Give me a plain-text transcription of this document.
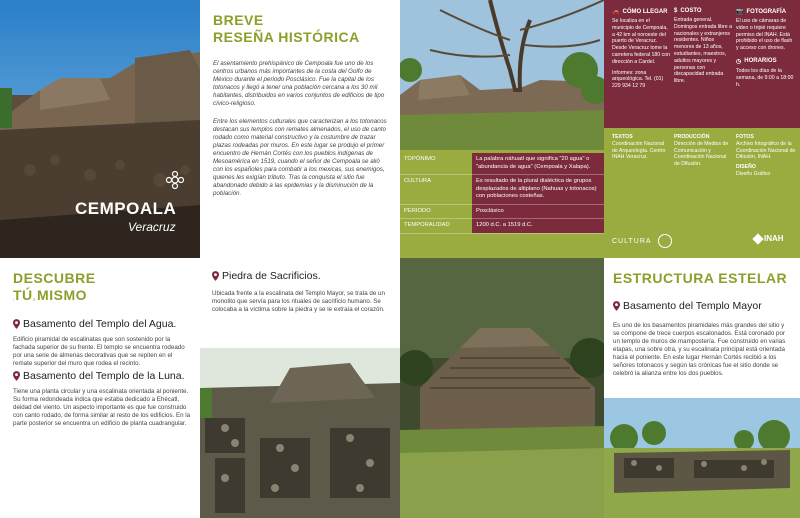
CEMPOALA
Veracruz
BREVE
RESEÑA HISTÓRICA
El asentamiento prehispánico de Cempoala fue uno de los centros urbanos más importantes de la costa del Golfo de México durante el periodo Posclásico. Fue la capital de los totonacos y llegó a tener una población cercana a los 30 mil habitantes, distribuidos en varios conjuntos de edificios de tipo cívico-religioso.
Entre los elementos culturales que caracterizan a los totonacos destacan sus templos con remates almenados, el uso de canto rodado como material constructivo y la costumbre de trazar plazas rodeadas por muros. En este lugar se produjo el primer encuentro de Hernán Cortés con los pueblos indígenas de Mesoamérica en 1519, cuando el señor de Cempoala se alió con los españoles para combatir a los mexicas, sus enemigos, quienes les exigían tributo. Tras la conquista el sitio fue abandonado debido a las epidemias y la disminución de la población.
TOPÓNIMO	La palabra náhuatl que significa "20 agua" o "abundancia de agua" (Cempoala y Xalapa).
CULTURA	Es resultado de la plural dialéctica de grupos desplazados de altiplano (Nahuas y totonacos) con poblaciones costeñas.
PERIODO	Posclásico
TEMPORALIDAD	1200 d.C. a 1519 d.C.
🚗 CÓMO LLEGAR
Se localiza en el municipio de Cempoala, a 42 km al noroeste del puerto de Veracruz. Desde Veracruz tome la carretera federal 180 con dirección a Cardel.
Informes: zona arqueológica. Tel. (01) 229 934 12 79
$ COSTO
Entrada general. Domingos entrada libre a nacionales y extranjeros residentes. Niños menores de 13 años, estudiantes, maestros, adultos mayores y personas con discapacidad entrada libre.
📷 FOTOGRAFÍA
El uso de cámaras de video o tripié requiere permiso del INAH. Está prohibido el uso de flash y acceso con drones.
◷ HORARIOS
Todos los días de la semana, de 9:00 a 18:00 h.
TEXTOS
Coordinación Nacional de Arqueología. Centro INAH Veracruz.
PRODUCCIÓN
Dirección de Medios de Comunicación y Coordinación Nacional de Difusión.
FOTOS
Archivo fotográfico de la Coordinación Nacional de Difusión, INAH.
DISEÑO
Diseño Gráfico
CULTURA	INAH
DESCUBRE
TÚ MISMO
Basamento del Templo del Agua.
Edificio piramidal de escalinatas que son sostenido por la fachada superior de su frente. El templo se encuentra rodeado por una serie de almenas decorativas que se repiten en el remate superior del muro que rodea el recinto.
Basamento del Templo de la Luna.
Tiene una planta circular y una escalinata orientada al poniente. Su forma redondeada indica que estaba dedicado a Ehécatl, deidad del viento. Un aspecto importante es que fue construido con canto rodado, de forma similar al resto de los edificios. En la parte posterior se encuentra un edificio de planta cuadrangular.
Piedra de Sacrificios.
Ubicada frente a la escalinata del Templo Mayor, se trata de un monolito que servía para los rituales de sacrificio humano. Se colocaba a la víctima sobre la piedra y se le extraía el corazón.
ESTRUCTURA ESTELAR
Basamento del Templo Mayor
Es uno de los basamentos piramidales más grandes del sitio y se compone de trece cuerpos escalonados. Está coronado por un templo de muros de mampostería. Fue construido en varias etapas, una sobre otra, y su escalinata principal está orientada hacia el poniente. En este lugar Hernán Cortés recibió a los señores totonacos y según las crónicas fue el sitio donde se celebró la alianza entre los dos pueblos.
